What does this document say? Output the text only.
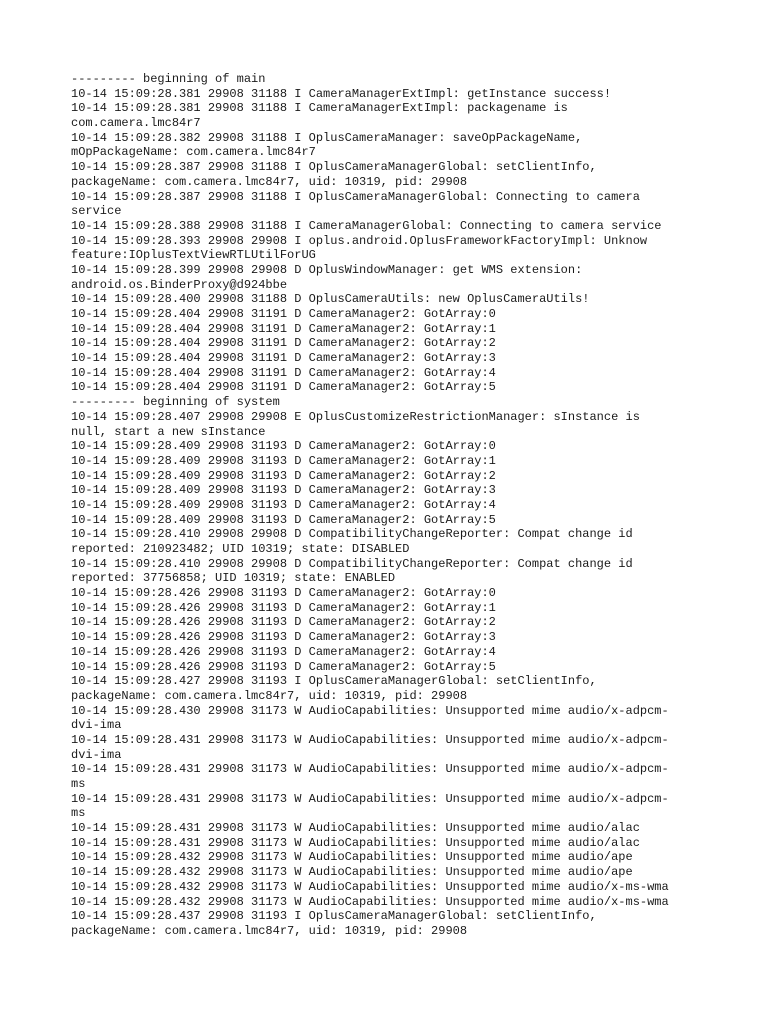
--------- beginning of main
10-14 15:09:28.381 29908 31188 I CameraManagerExtImpl: getInstance success!
10-14 15:09:28.381 29908 31188 I CameraManagerExtImpl: packagename is
com.camera.lmc84r7
10-14 15:09:28.382 29908 31188 I OplusCameraManager: saveOpPackageName,
mOpPackageName: com.camera.lmc84r7
10-14 15:09:28.387 29908 31188 I OplusCameraManagerGlobal: setClientInfo,
packageName: com.camera.lmc84r7, uid: 10319, pid: 29908
10-14 15:09:28.387 29908 31188 I OplusCameraManagerGlobal: Connecting to camera
service
10-14 15:09:28.388 29908 31188 I CameraManagerGlobal: Connecting to camera service
10-14 15:09:28.393 29908 29908 I oplus.android.OplusFrameworkFactoryImpl: Unknow
feature:IOplusTextViewRTLUtilForUG
10-14 15:09:28.399 29908 29908 D OplusWindowManager: get WMS extension:
android.os.BinderProxy@d924bbe
10-14 15:09:28.400 29908 31188 D OplusCameraUtils: new OplusCameraUtils!
10-14 15:09:28.404 29908 31191 D CameraManager2: GotArray:0
10-14 15:09:28.404 29908 31191 D CameraManager2: GotArray:1
10-14 15:09:28.404 29908 31191 D CameraManager2: GotArray:2
10-14 15:09:28.404 29908 31191 D CameraManager2: GotArray:3
10-14 15:09:28.404 29908 31191 D CameraManager2: GotArray:4
10-14 15:09:28.404 29908 31191 D CameraManager2: GotArray:5
--------- beginning of system
10-14 15:09:28.407 29908 29908 E OplusCustomizeRestrictionManager: sInstance is
null, start a new sInstance
10-14 15:09:28.409 29908 31193 D CameraManager2: GotArray:0
10-14 15:09:28.409 29908 31193 D CameraManager2: GotArray:1
10-14 15:09:28.409 29908 31193 D CameraManager2: GotArray:2
10-14 15:09:28.409 29908 31193 D CameraManager2: GotArray:3
10-14 15:09:28.409 29908 31193 D CameraManager2: GotArray:4
10-14 15:09:28.409 29908 31193 D CameraManager2: GotArray:5
10-14 15:09:28.410 29908 29908 D CompatibilityChangeReporter: Compat change id
reported: 210923482; UID 10319; state: DISABLED
10-14 15:09:28.410 29908 29908 D CompatibilityChangeReporter: Compat change id
reported: 37756858; UID 10319; state: ENABLED
10-14 15:09:28.426 29908 31193 D CameraManager2: GotArray:0
10-14 15:09:28.426 29908 31193 D CameraManager2: GotArray:1
10-14 15:09:28.426 29908 31193 D CameraManager2: GotArray:2
10-14 15:09:28.426 29908 31193 D CameraManager2: GotArray:3
10-14 15:09:28.426 29908 31193 D CameraManager2: GotArray:4
10-14 15:09:28.426 29908 31193 D CameraManager2: GotArray:5
10-14 15:09:28.427 29908 31193 I OplusCameraManagerGlobal: setClientInfo,
packageName: com.camera.lmc84r7, uid: 10319, pid: 29908
10-14 15:09:28.430 29908 31173 W AudioCapabilities: Unsupported mime audio/x-adpcm-
dvi-ima
10-14 15:09:28.431 29908 31173 W AudioCapabilities: Unsupported mime audio/x-adpcm-
dvi-ima
10-14 15:09:28.431 29908 31173 W AudioCapabilities: Unsupported mime audio/x-adpcm-
ms
10-14 15:09:28.431 29908 31173 W AudioCapabilities: Unsupported mime audio/x-adpcm-
ms
10-14 15:09:28.431 29908 31173 W AudioCapabilities: Unsupported mime audio/alac
10-14 15:09:28.431 29908 31173 W AudioCapabilities: Unsupported mime audio/alac
10-14 15:09:28.432 29908 31173 W AudioCapabilities: Unsupported mime audio/ape
10-14 15:09:28.432 29908 31173 W AudioCapabilities: Unsupported mime audio/ape
10-14 15:09:28.432 29908 31173 W AudioCapabilities: Unsupported mime audio/x-ms-wma
10-14 15:09:28.432 29908 31173 W AudioCapabilities: Unsupported mime audio/x-ms-wma
10-14 15:09:28.437 29908 31193 I OplusCameraManagerGlobal: setClientInfo,
packageName: com.camera.lmc84r7, uid: 10319, pid: 29908
